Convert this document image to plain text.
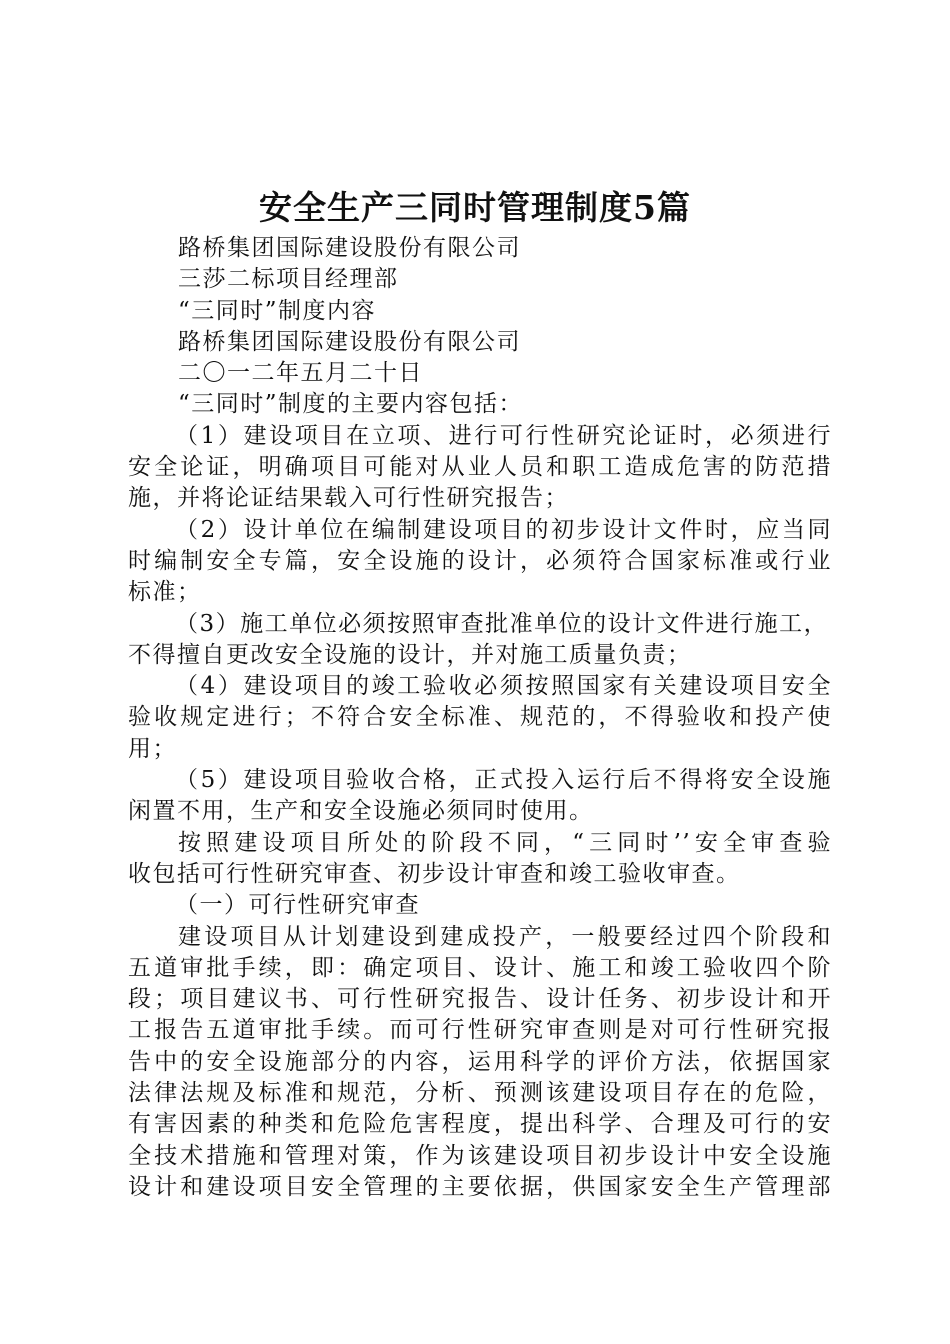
安全生产三同时管理制度5篇
路桥集团国际建设股份有限公司
三莎二标项目经理部
“三同时”制度内容
路桥集团国际建设股份有限公司
二〇一二年五月二十日
“三同时”制度的主要内容包括：
（1）建设项目在立项、进行可行性研究论证时，必须进行
安全论证，明确项目可能对从业人员和职工造成危害的防范措
施，并将论证结果载入可行性研究报告；
（2）设计单位在编制建设项目的初步设计文件时，应当同
时编制安全专篇，安全设施的设计，必须符合国家标准或行业
标准；
（3）施工单位必须按照审查批准单位的设计文件进行施工，
不得擅自更改安全设施的设计，并对施工质量负责；
（4）建设项目的竣工验收必须按照国家有关建设项目安全
验收规定进行；不符合安全标准、规范的，不得验收和投产使
用；
（5）建设项目验收合格，正式投入运行后不得将安全设施
闲置不用，生产和安全设施必须同时使用。
按照建设项目所处的阶段不同，“三同时’’安全审查验
收包括可行性研究审查、初步设计审查和竣工验收审查。
（一）可行性研究审查
建设项目从计划建设到建成投产，一般要经过四个阶段和
五道审批手续，即：确定项目、设计、施工和竣工验收四个阶
段；项目建议书、可行性研究报告、设计任务、初步设计和开
工报告五道审批手续。而可行性研究审查则是对可行性研究报
告中的安全设施部分的内容，运用科学的评价方法，依据国家
法律法规及标准和规范，分析、预测该建设项目存在的危险，
有害因素的种类和危险危害程度，提出科学、合理及可行的安
全技术措施和管理对策，作为该建设项目初步设计中安全设施
设计和建设项目安全管理的主要依据，供国家安全生产管理部
